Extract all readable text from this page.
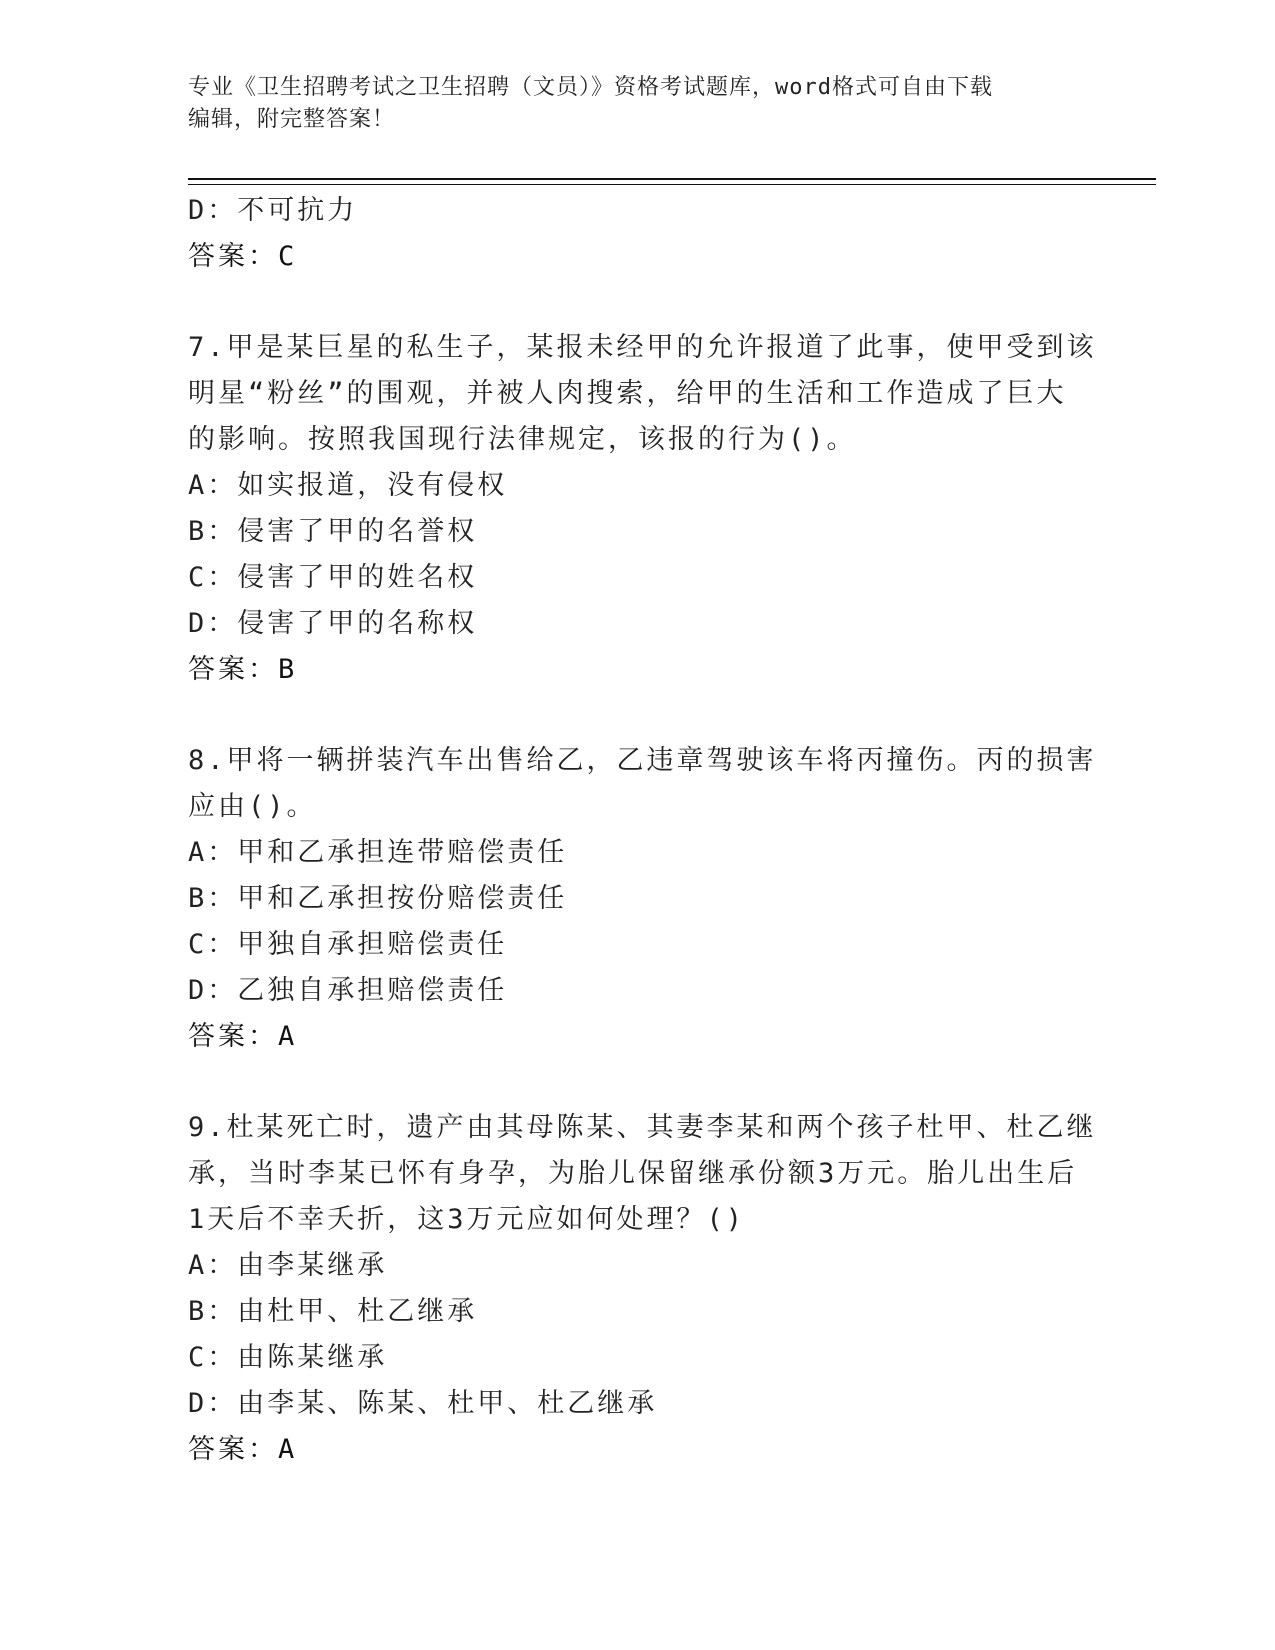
专业《卫生招聘考试之卫生招聘（文员）》资格考试题库，word格式可自由下载
编辑，附完整答案！
D：不可抗力
答案：C
7.甲是某巨星的私生子，某报未经甲的允许报道了此事，使甲受到该
明星“粉丝”的围观，并被人肉搜索，给甲的生活和工作造成了巨大
的影响。按照我国现行法律规定，该报的行为()。
A：如实报道，没有侵权
B：侵害了甲的名誉权
C：侵害了甲的姓名权
D：侵害了甲的名称权
答案：B
8.甲将一辆拼装汽车出售给乙，乙违章驾驶该车将丙撞伤。丙的损害
应由()。
A：甲和乙承担连带赔偿责任
B：甲和乙承担按份赔偿责任
C：甲独自承担赔偿责任
D：乙独自承担赔偿责任
答案：A
9.杜某死亡时，遗产由其母陈某、其妻李某和两个孩子杜甲、杜乙继
承，当时李某已怀有身孕，为胎儿保留继承份额3万元。胎儿出生后
1天后不幸夭折，这3万元应如何处理？()
A：由李某继承
B：由杜甲、杜乙继承
C：由陈某继承
D：由李某、陈某、杜甲、杜乙继承
答案：A
